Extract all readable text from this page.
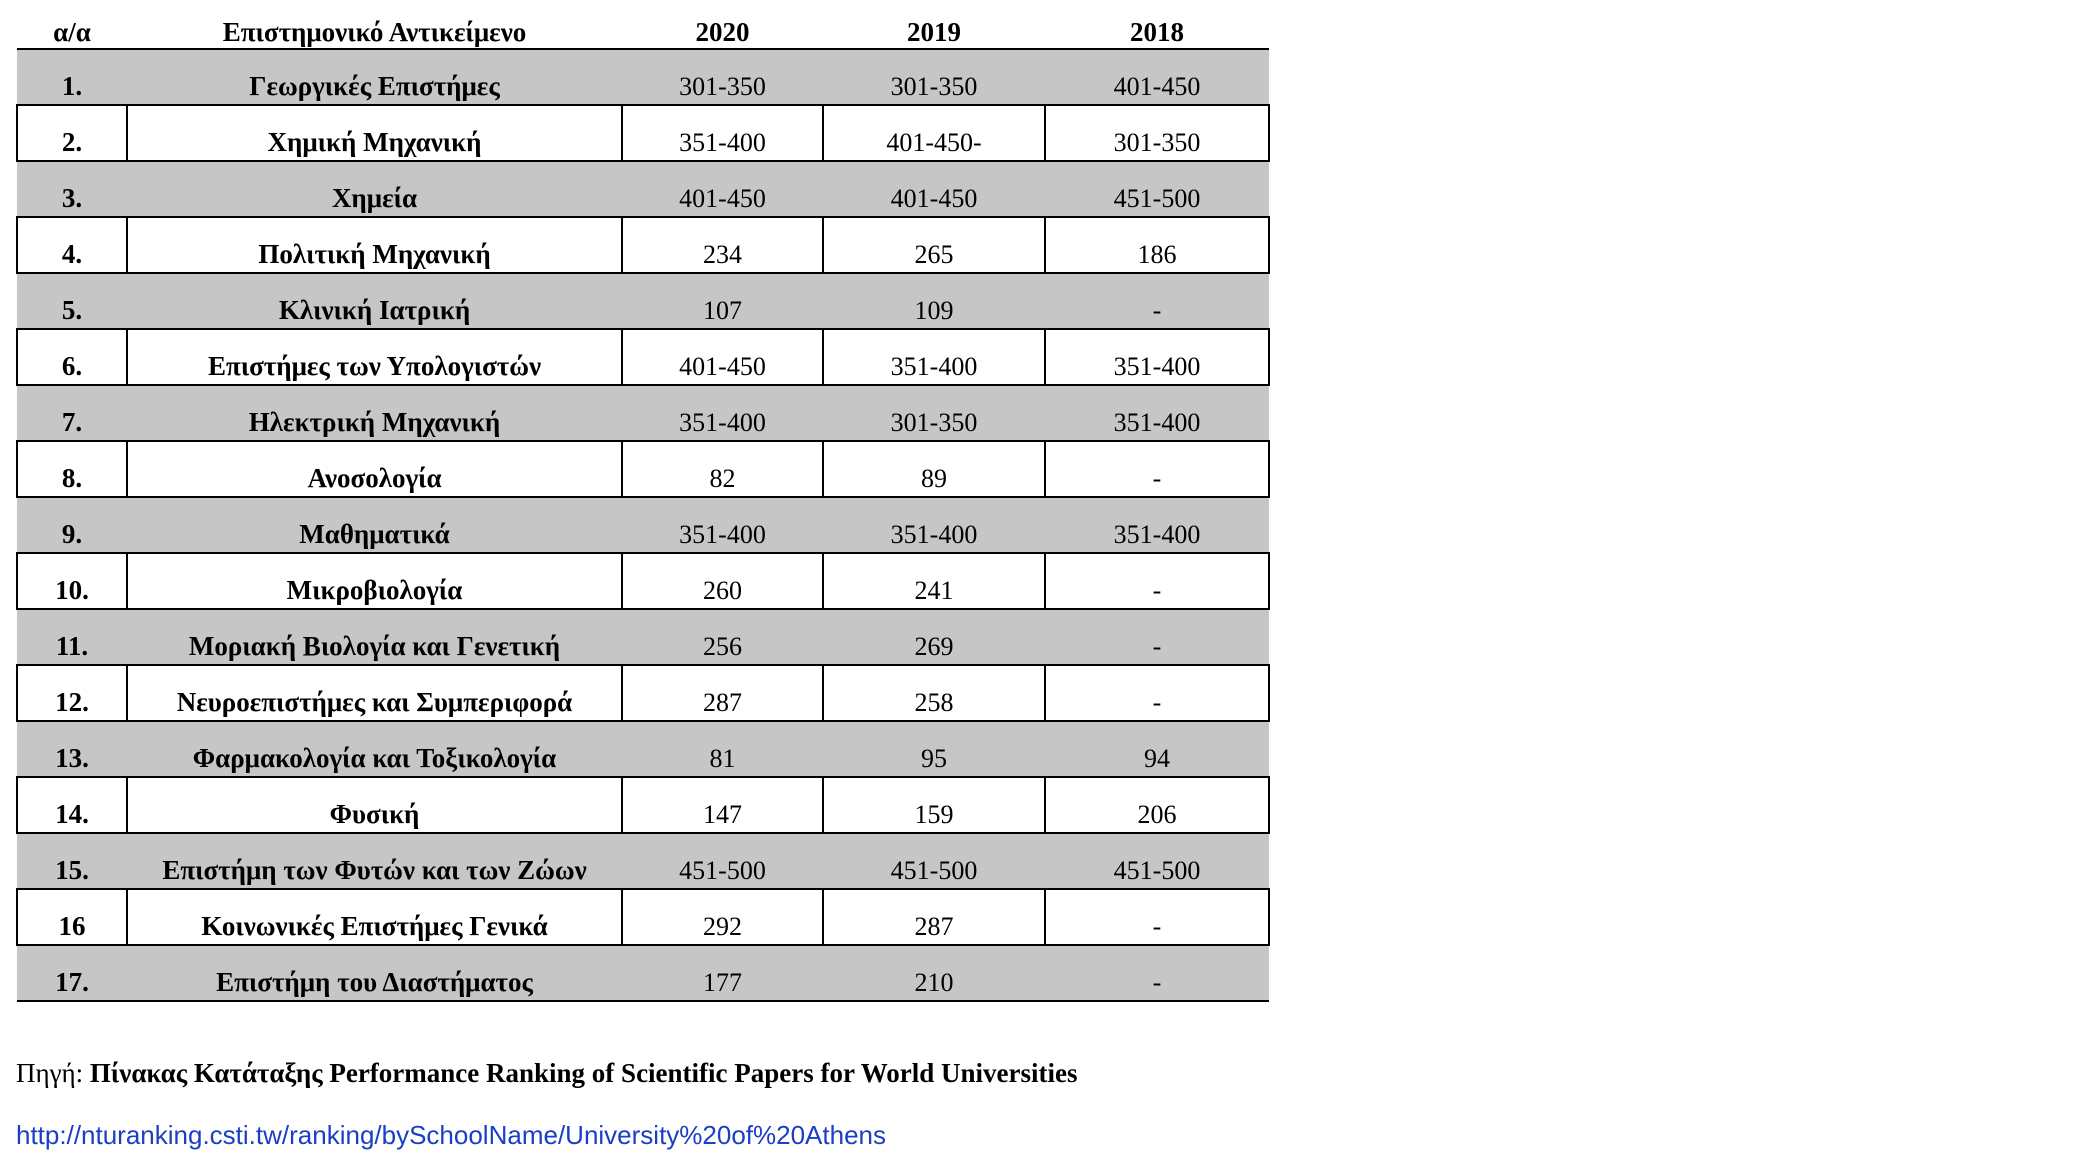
α/α	Επιστημονικό Αντικείμενο	2020	2019	2018
1.	Γεωργικές Επιστήμες	301-350	301-350	401-450
2.	Χημική Μηχανική	351-400	401-450-	301-350
3.	Χημεία	401-450	401-450	451-500
4.	Πολιτική Μηχανική	234	265	186
5.	Κλινική Ιατρική	107	109	-
6.	Επιστήμες των Υπολογιστών	401-450	351-400	351-400
7.	Ηλεκτρική Μηχανική	351-400	301-350	351-400
8.	Ανοσολογία	82	89	-
9.	Μαθηματικά	351-400	351-400	351-400
10.	Μικροβιολογία	260	241	-
11.	Μοριακή Βιολογία και Γενετική	256	269	-
12.	Νευροεπιστήμες και Συμπεριφορά	287	258	-
13.	Φαρμακολογία και Τοξικολογία	81	95	94
14.	Φυσική	147	159	206
15.	Επιστήμη των Φυτών και των Ζώων	451-500	451-500	451-500
16	Κοινωνικές Επιστήμες Γενικά	292	287	-
17.	Επιστήμη του Διαστήματος	177	210	-
Πηγή: Πίνακας Κατάταξης Performance Ranking of Scientific Papers for World Universities
http://nturanking.csti.tw/ranking/bySchoolName/University%20of%20Athens
